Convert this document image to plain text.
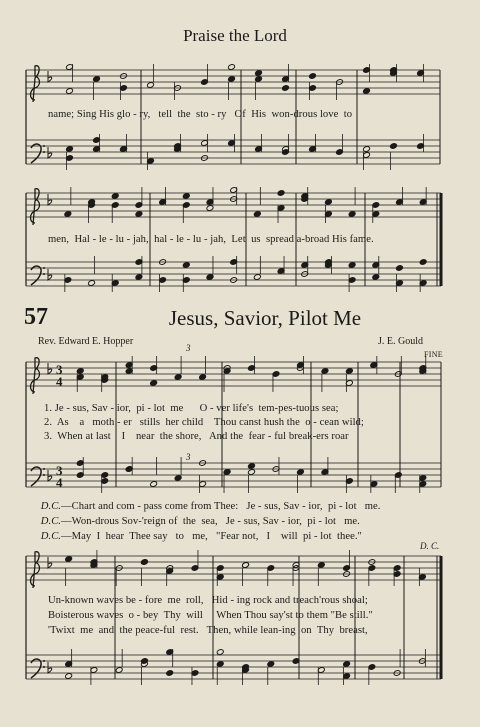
Praise the Lord
name; Sing His glo - ry,   tell  the  sto - ry   Of  His  won-drous love  to
men,  Hal - le - lu - jah,  hal - le - lu - jah,  Let  us  spread a-broad His fame.
57	Jesus, Savior, Pilot Me
Rev. Edward E. Hopper	J. E. Gould
FINE
3
3
3
4
3
4
1. Je - sus, Sav - ior,  pi - lot  me      O - ver life's  tem-pes-tuous sea;
2.  As    a   moth - er   stills  her child    Thou canst hush the  o - cean wild;
3.  When at last    I    near  the shore,   And the  fear - ful break-ers roar

D.C.—Chart and com - pass come from Thee:   Je - sus, Sav - ior,  pi - lot   me.

D.C.—Won-drous Sov-'reign of  the  sea,   Je - sus, Sav - ior,  pi - lot   me.

D.C.—May  I  hear  Thee say   to   me,   "Fear not,   I    will  pi - lot  thee."

D. C.
Un-known waves be - fore  me  roll,   Hid - ing rock and treach'rous shoal;
Boisterous waves  o - bey  Thy  will     When Thou say'st to them "Be still."
'Twixt  me  and  the peace-ful  rest.   Then, while lean-ing  on  Thy  breast,
